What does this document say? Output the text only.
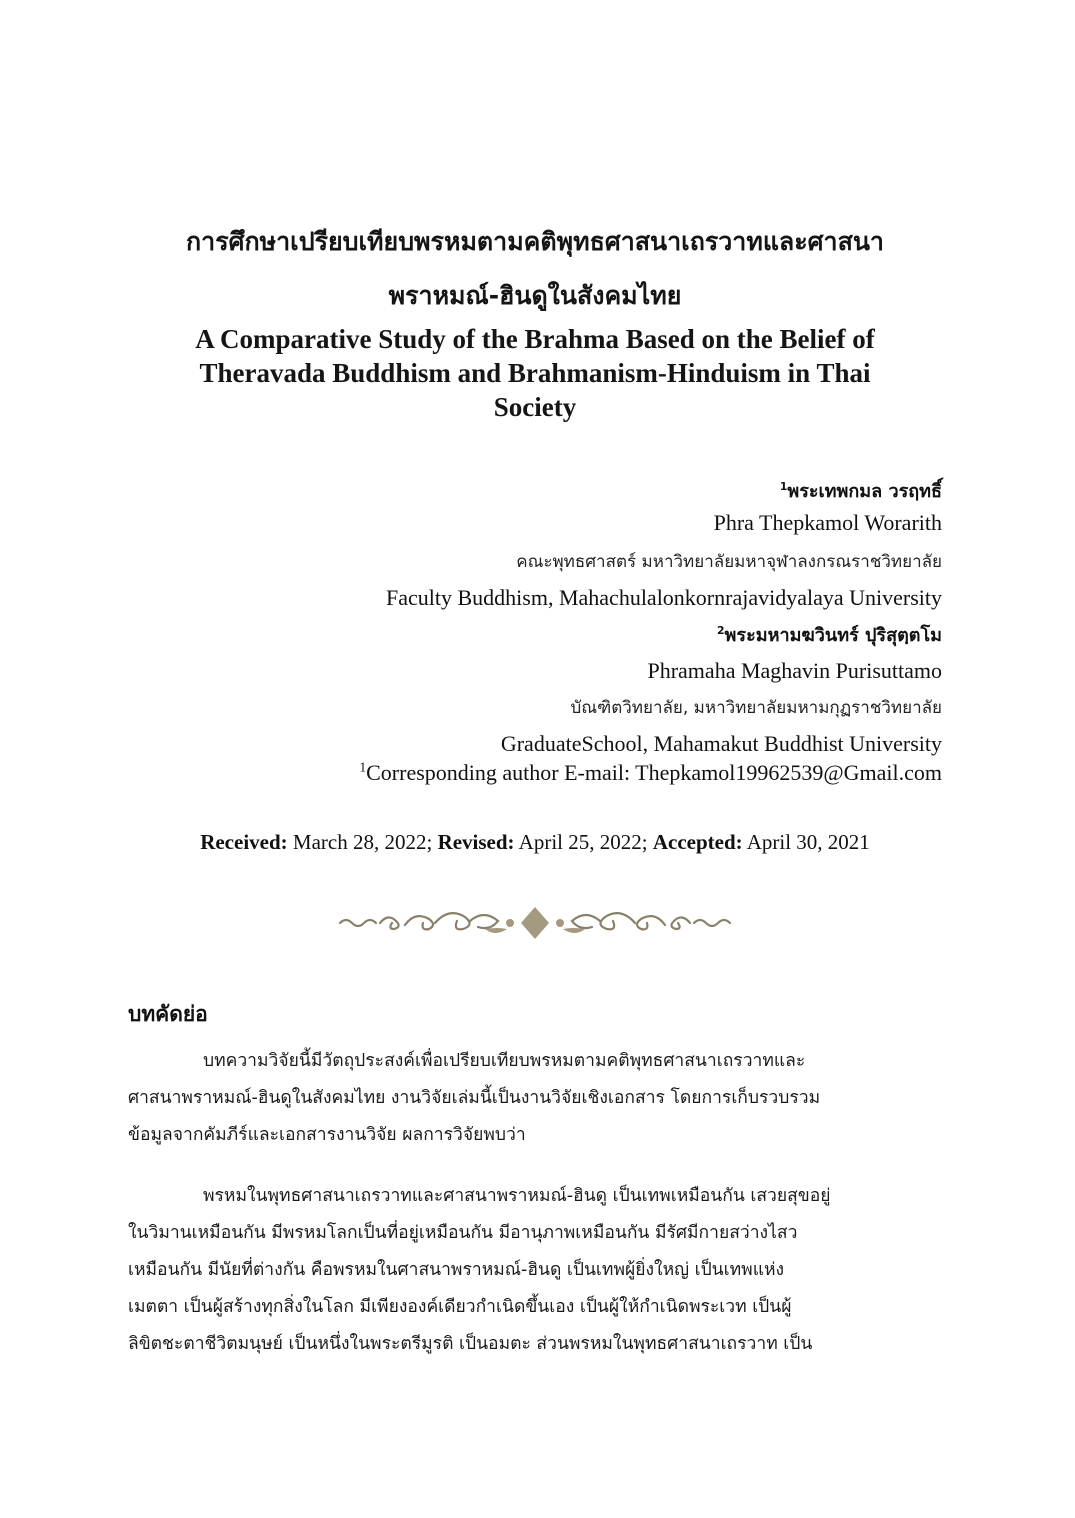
การศึกษาเปรียบเทียบพรหมตามคติพุทธศาสนาเถรวาทและศาสนา
พราหมณ์-ฮินดูในสังคมไทย
A Comparative Study of the Brahma Based on the Belief of
Theravada Buddhism and Brahmanism-Hinduism in Thai
Society
$^1$พระเทพกมล วรฤทธิ์
Phra Thepkamol Worarith
คณะพุทธศาสตร์ มหาวิทยาลัยมหาจุฬาลงกรณราชวิทยาลัย
Faculty Buddhism, Mahachulalonkornrajavidyalaya University
$^2$พระมหามฆวินทร์ ปุริสุตฺตโม
Phramaha Maghavin Purisuttamo
บัณฑิตวิทยาลัย, มหาวิทยาลัยมหามกุฏราชวิทยาลัย
GraduateSchool, Mahamakut Buddhist University
$^1$Corresponding author E-mail: Thepkamol19962539@Gmail.com
Received: March 28, 2022; Revised: April 25, 2022; Accepted: April 30, 2021
บทคัดย่อ
บทความวิจัยนี้มีวัตถุประสงค์เพื่อเปรียบเทียบพรหมตามคติพุทธศาสนาเถรวาทและ
ศาสนาพราหมณ์-ฮินดูในสังคมไทย งานวิจัยเล่มนี้เป็นงานวิจัยเชิงเอกสาร โดยการเก็บรวบรวม
ข้อมูลจากคัมภีร์และเอกสารงานวิจัย ผลการวิจัยพบว่า
พรหมในพุทธศาสนาเถรวาทและศาสนาพราหมณ์-ฮินดู เป็นเทพเหมือนกัน เสวยสุขอยู่
ในวิมานเหมือนกัน มีพรหมโลกเป็นที่อยู่เหมือนกัน มีอานุภาพเหมือนกัน มีรัศมีกายสว่างไสว
เหมือนกัน มีนัยที่ต่างกัน คือพรหมในศาสนาพราหมณ์-ฮินดู เป็นเทพผู้ยิ่งใหญ่ เป็นเทพแห่ง
เมตตา เป็นผู้สร้างทุกสิ่งในโลก มีเพียงองค์เดียวกำเนิดขึ้นเอง เป็นผู้ให้กำเนิดพระเวท เป็นผู้
ลิขิตชะตาชีวิตมนุษย์ เป็นหนึ่งในพระตรีมูรติ เป็นอมตะ ส่วนพรหมในพุทธศาสนาเถรวาท เป็น
